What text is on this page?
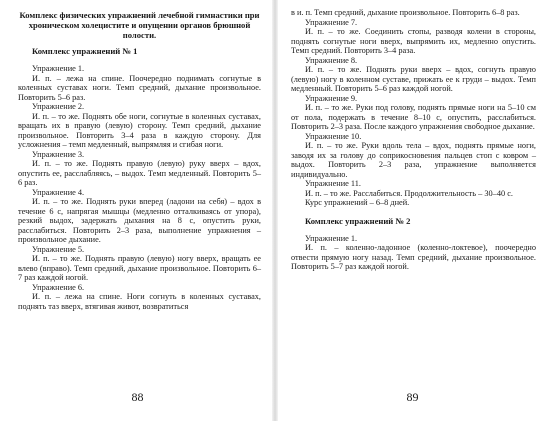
Комплекс физических упражнений лечебной гимнастики при хроническом холецистите и опущении органов брюшной полости.
Комплекс упражнений № 1
Упражнение 1.
И. п. – лежа на спине. Поочередно поднимать согнутые в коленных суставах ноги. Темп средний, дыхание произвольное. Повторить 5–6 раз.
Упражнение 2.
И. п. – то же. Поднять обе ноги, согнутые в коленных суставах, вращать их в правую (левую) сторону. Темп средний, дыхание произвольное. Повторить 3–4 раза в каждую сторону. Для усложнения – темп медленный, выпрямляя и сгибая ноги.
Упражнение 3.
И. п. – то же. Поднять правую (левую) руку вверх – вдох, опустить ее, расслабляясь, – выдох. Темп медленный. Повторить 5–6 раз.
Упражнение 4.
И. п. – то же. Поднять руки вперед (ладони на себя) – вдох в течение 6 с, напрягая мышцы (медленно отталкиваясь от упора), резкий выдох, задержать дыхания на 8 с, опустить руки, расслабиться. Повторить 2–3 раза, выполнение упражнения – произвольное дыхание.
Упражнение 5.
И. п. – то же. Поднять правую (левую) ногу вверх, вращать ее влево (вправо). Темп средний, дыхание произвольное. Повторить 6–7 раз каждой ногой.
Упражнение 6.
И. п. – лежа на спине. Ноги согнуть в коленных суставах, поднять таз вверх, втягивая живот, возвратиться
88
в и. п. Темп средний, дыхание произвольное. Повторить 6–8 раз.
Упражнение 7.
И. п. – то же. Соединить стопы, разводя колени в стороны, поднять согнутые ноги вверх, выпрямить их, медленно опустить. Темп средний. Повторить 3–4 раза.
Упражнение 8.
И. п. – то же. Поднять руки вверх – вдох, согнуть правую (левую) ногу в коленном суставе, прижать ее к груди – выдох. Темп медленный. Повторить 5–6 раз каждой ногой.
Упражнение 9.
И. п. – то же. Руки под голову, поднять прямые ноги на 5–10 см от пола, подержать в течение 8–10 с, опустить, расслабиться. Повторить 2–3 раза. После каждого упражнения свободное дыхание.
Упражнение 10.
И. п. – то же. Руки вдоль тела – вдох, поднять прямые ноги, заводя их за голову до соприкосновения пальцев стоп с ковром – выдох. Повторить 2–3 раза, упражнение выполняется индивидуально.
Упражнение 11.
И. п. – то же. Расслабиться. Продолжительность – 30–40 с.
Курс упражнений – 6–8 дней.
Комплекс упражнений № 2
Упражнение 1.
И. п. – коленно-ладонное (коленно-локтевое), поочередно отвести прямую ногу назад. Темп средний, дыхание произвольное. Повторить 5–7 раз каждой ногой.
89
